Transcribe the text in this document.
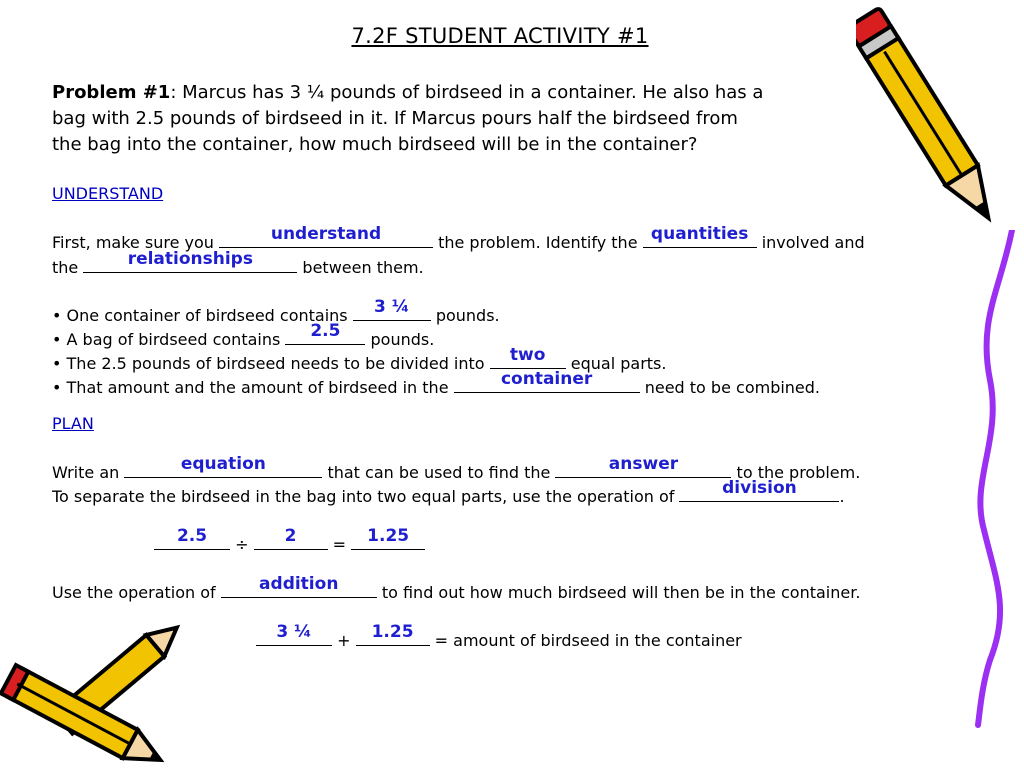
7.2F STUDENT ACTIVITY #1
Problem #1: Marcus has 3 ¼ pounds of birdseed in a container. He also has a
bag with 2.5 pounds of birdseed in it. If Marcus pours half the birdseed from
the bag into the container, how much birdseed will be in the container?
UNDERSTAND
First, make sure you	understand	the problem. Identify the quantities involved and
the	relationships	between them.
• One container of birdseed contains	3 ¼	pounds.
• A bag of birdseed contains	2.5	pounds.
• The 2.5 pounds of birdseed needs to be divided into	two	equal parts.
• That amount and the amount of birdseed in the	container	need to be combined.
PLAN
Write an	equation	that can be used to find the	answer	to the problem.
To separate the birdseed in the bag into two equal parts, use the operation of	division	.
2.5	÷	2	= 1.25
Use the operation of	addition	to find out how much birdseed will then be in the container.
3 ¼	+ 1.25	= amount of birdseed in the container
